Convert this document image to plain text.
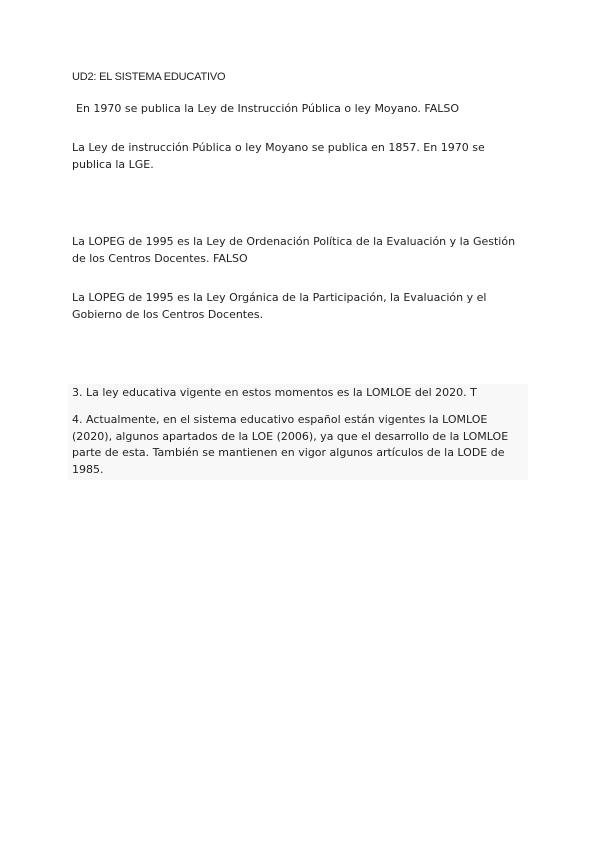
UD2: EL SISTEMA EDUCATIVO
En 1970 se publica la Ley de Instrucción Pública o ley Moyano. FALSO
La Ley de instrucción Pública o ley Moyano se publica en 1857. En 1970 se publica la LGE.
La LOPEG de 1995 es la Ley de Ordenación Política de la Evaluación y la Gestión de los Centros Docentes. FALSO
La LOPEG de 1995 es la Ley Orgánica de la Participación, la Evaluación y el Gobierno de los Centros Docentes.
3. La ley educativa vigente en estos momentos es la LOMLOE del 2020. T
4. Actualmente, en el sistema educativo español están vigentes la LOMLOE (2020), algunos apartados de la LOE (2006), ya que el desarrollo de la LOMLOE parte de esta. También se mantienen en vigor algunos artículos de la LODE de 1985.
